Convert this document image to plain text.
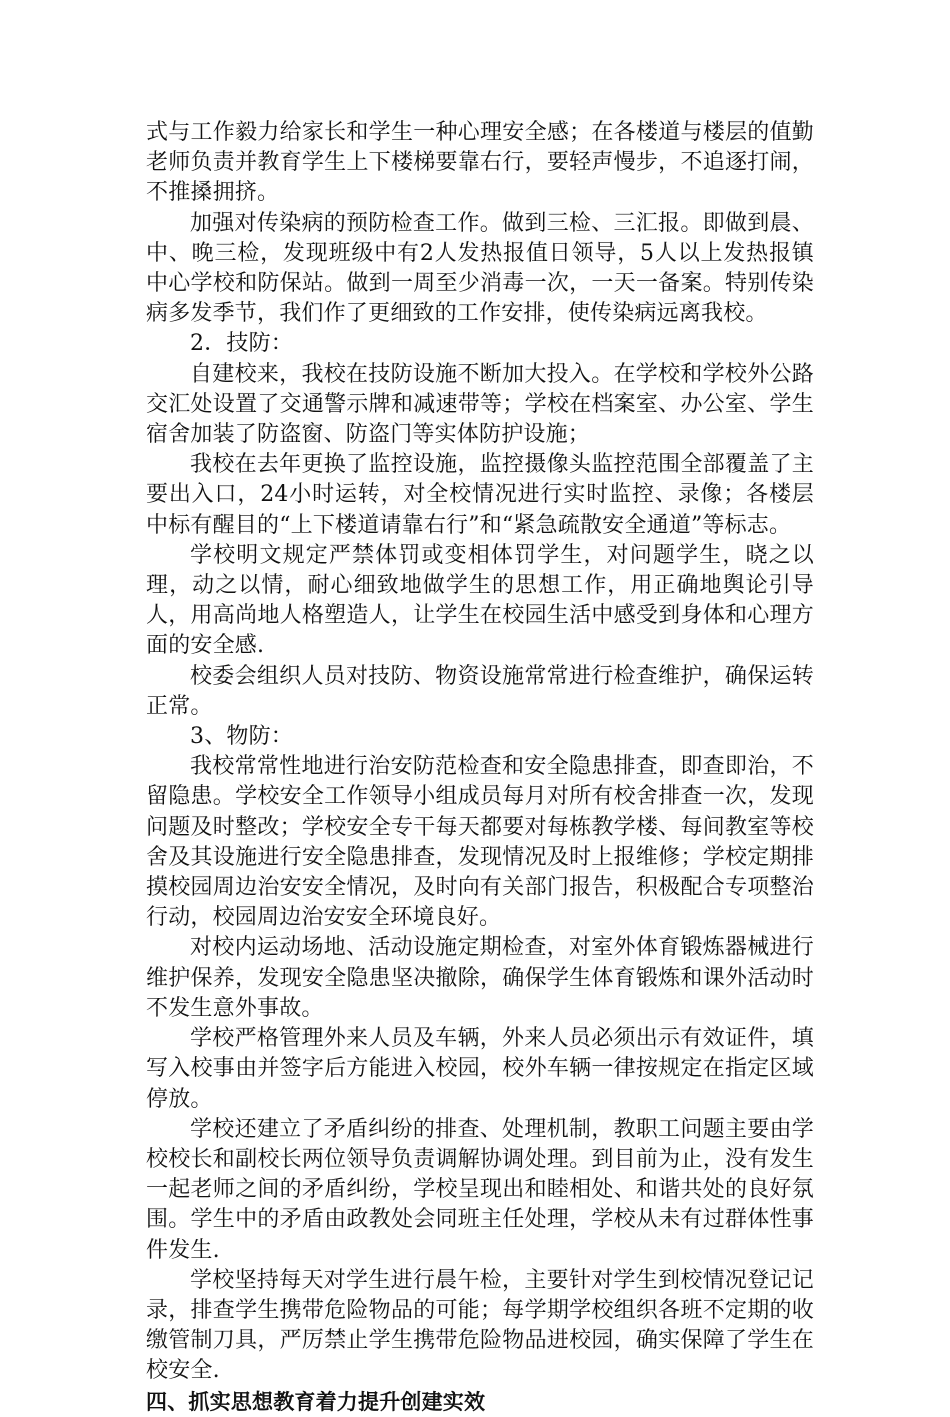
式与工作毅力给家长和学生一种心理安全感；在各楼道与楼层的值勤老师负责并教育学生上下楼梯要靠右行，要轻声慢步，不追逐打闹，不推搡拥挤。

加强对传染病的预防检查工作。做到三检、三汇报。即做到晨、中、晚三检，发现班级中有2人发热报值日领导，5人以上发热报镇中心学校和防保站。做到一周至少消毒一次，一天一备案。特别传染病多发季节，我们作了更细致的工作安排，使传染病远离我校。

2．技防：

自建校来，我校在技防设施不断加大投入。在学校和学校外公路交汇处设置了交通警示牌和减速带等；学校在档案室、办公室、学生宿舍加装了防盗窗、防盗门等实体防护设施；

我校在去年更换了监控设施，监控摄像头监控范围全部覆盖了主要出入口，24小时运转，对全校情况进行实时监控、录像；各楼层中标有醒目的“上下楼道请靠右行”和“紧急疏散安全通道”等标志。

学校明文规定严禁体罚或变相体罚学生，对问题学生，晓之以理，动之以情，耐心细致地做学生的思想工作，用正确地舆论引导人，用高尚地人格塑造人，让学生在校园生活中感受到身体和心理方面的安全感.

校委会组织人员对技防、物资设施常常进行检查维护，确保运转正常。

3、物防：

我校常常性地进行治安防范检查和安全隐患排查，即查即治，不留隐患。学校安全工作领导小组成员每月对所有校舍排查一次，发现问题及时整改；学校安全专干每天都要对每栋教学楼、每间教室等校舍及其设施进行安全隐患排查，发现情况及时上报维修；学校定期排摸校园周边治安安全情况，及时向有关部门报告，积极配合专项整治行动，校园周边治安安全环境良好。

对校内运动场地、活动设施定期检查，对室外体育锻炼器械进行维护保养，发现安全隐患坚决撤除，确保学生体育锻炼和课外活动时不发生意外事故。

学校严格管理外来人员及车辆，外来人员必须出示有效证件，填写入校事由并签字后方能进入校园，校外车辆一律按规定在指定区域停放。

学校还建立了矛盾纠纷的排查、处理机制，教职工问题主要由学校校长和副校长两位领导负责调解协调处理。到目前为止，没有发生一起老师之间的矛盾纠纷，学校呈现出和睦相处、和谐共处的良好氛围。学生中的矛盾由政教处会同班主任处理，学校从未有过群体性事件发生.

学校坚持每天对学生进行晨午检，主要针对学生到校情况登记记录，排查学生携带危险物品的可能；每学期学校组织各班不定期的收缴管制刀具，严厉禁止学生携带危险物品进校园，确实保障了学生在校安全.

四、抓实思想教育着力提升创建实效
